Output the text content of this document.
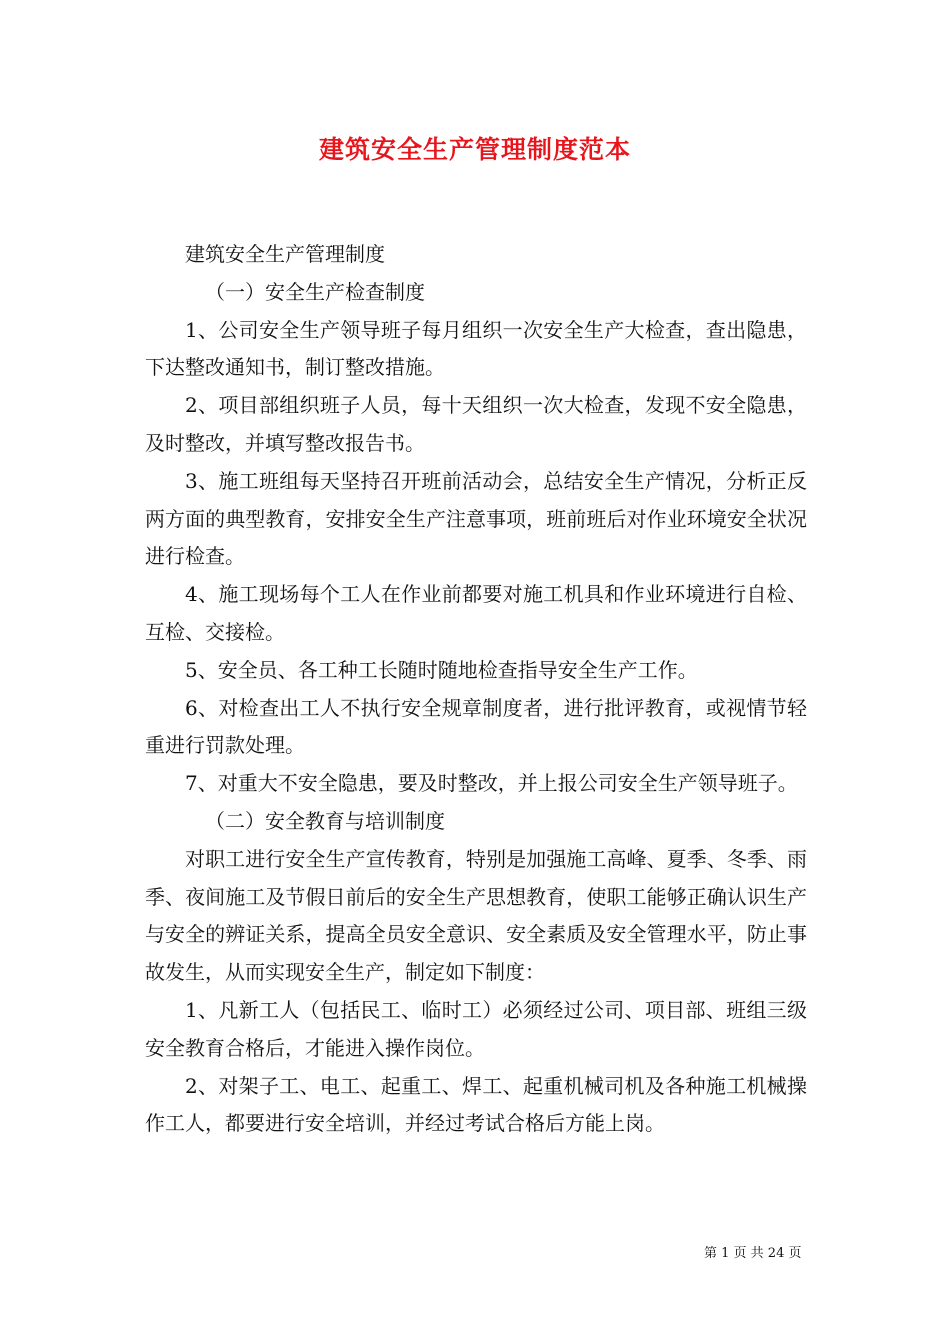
建筑安全生产管理制度范本

建筑安全生产管理制度

（一）安全生产检查制度

1、公司安全生产领导班子每月组织一次安全生产大检查，查出隐患，下达整改通知书，制订整改措施。

2、项目部组织班子人员，每十天组织一次大检查，发现不安全隐患，及时整改，并填写整改报告书。

3、施工班组每天坚持召开班前活动会，总结安全生产情况，分析正反两方面的典型教育，安排安全生产注意事项，班前班后对作业环境安全状况进行检查。

4、施工现场每个工人在作业前都要对施工机具和作业环境进行自检、互检、交接检。

5、安全员、各工种工长随时随地检查指导安全生产工作。

6、对检查出工人不执行安全规章制度者，进行批评教育，或视情节轻重进行罚款处理。

7、对重大不安全隐患，要及时整改，并上报公司安全生产领导班子。

（二）安全教育与培训制度

对职工进行安全生产宣传教育，特别是加强施工高峰、夏季、冬季、雨季、夜间施工及节假日前后的安全生产思想教育，使职工能够正确认识生产与安全的辨证关系，提高全员安全意识、安全素质及安全管理水平，防止事故发生，从而实现安全生产，制定如下制度：

1、凡新工人（包括民工、临时工）必须经过公司、项目部、班组三级安全教育合格后，才能进入操作岗位。

2、对架子工、电工、起重工、焊工、起重机械司机及各种施工机械操作工人，都要进行安全培训，并经过考试合格后方能上岗。

第 1 页 共 24 页
